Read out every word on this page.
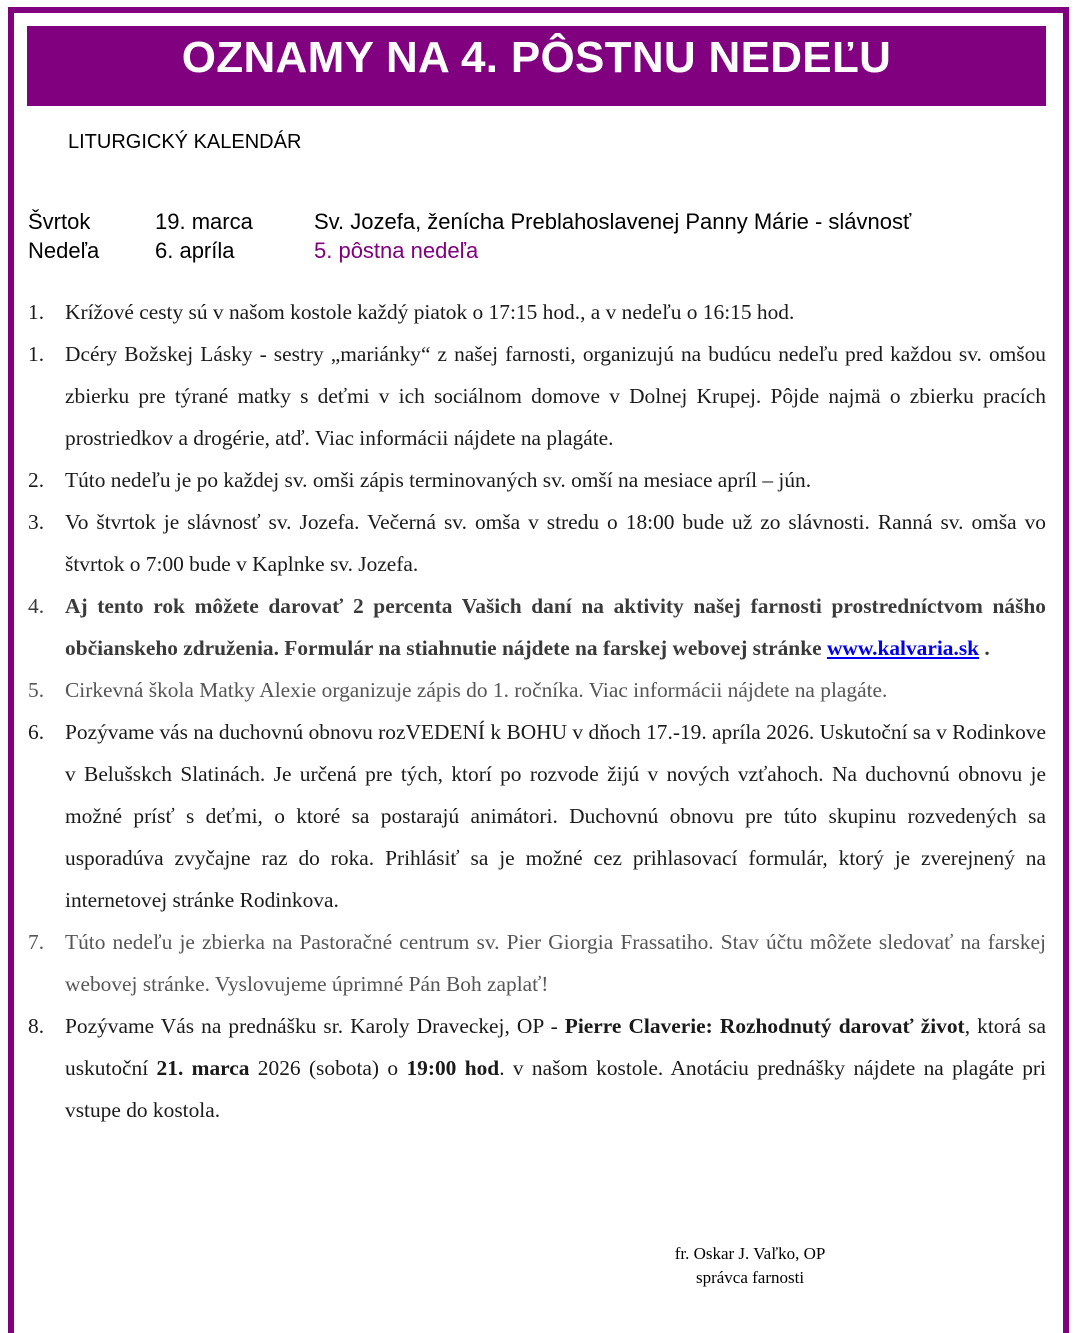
OZNAMY NA 4. PÔSTNU NEDEĽU
LITURGICKÝ KALENDÁR
Švrtok	19. marca	Sv. Jozefa, ženícha Preblahoslavenej Panny Márie - slávnosť
Nedeľa	6. apríla	5. pôstna nedeľa
1. Krížové cesty sú v našom kostole každý piatok o 17:15 hod., a v nedeľu o 16:15 hod.
1. Dcéry Božskej Lásky - sestry „mariánky“ z našej farnosti, organizujú na budúcu nedeľu pred každou sv. omšou zbierku pre týrané matky s deťmi v ich sociálnom domove v Dolnej Krupej. Pôjde najmä o zbierku pracích prostriedkov a drogérie, atď. Viac informácii nájdete na plagáte.
2. Túto nedeľu je po každej sv. omši zápis terminovaných sv. omší na mesiace apríl – jún.
3. Vo štvrtok je slávnosť sv. Jozefa. Večerná sv. omša v stredu o 18:00 bude už zo slávnosti. Ranná sv. omša vo štvrtok o 7:00 bude v Kaplnke sv. Jozefa.
4. Aj tento rok môžete darovať 2 percenta Vašich daní na aktivity našej farnosti prostredníctvom nášho občianskeho združenia. Formulár na stiahnutie nájdete na farskej webovej stránke www.kalvaria.sk .
5. Cirkevná škola Matky Alexie organizuje zápis do 1. ročníka. Viac informácii nájdete na plagáte.
6. Pozývame vás na duchovnú obnovu rozVEDENÍ k BOHU v dňoch 17.-19. apríla 2026. Uskutoční sa v Rodinkove v Belušskch Slatinách. Je určená pre tých, ktorí po rozvode žijú v nových vzťahoch. Na duchovnú obnovu je možné prísť s deťmi, o ktoré sa postarajú animátori. Duchovnú obnovu pre túto skupinu rozvedených sa usporadúva zvyčajne raz do roka. Prihlásiť sa je možné cez prihlasovací formulár, ktorý je zverejnený na internetovej stránke Rodinkova.
7. Túto nedeľu je zbierka na Pastoračné centrum sv. Pier Giorgia Frassatiho. Stav účtu môžete sledovať na farskej webovej stránke. Vyslovujeme úprimné Pán Boh zaplať!
8. Pozývame Vás na prednášku sr. Karoly Draveckej, OP - Pierre Claverie: Rozhodnutý darovať život, ktorá sa uskutoční 21. marca 2026 (sobota) o 19:00 hod. v našom kostole. Anotáciu prednášky nájdete na plagáte pri vstupe do kostola.
fr. Oskar J. Vaľko, OP
správca farnosti
